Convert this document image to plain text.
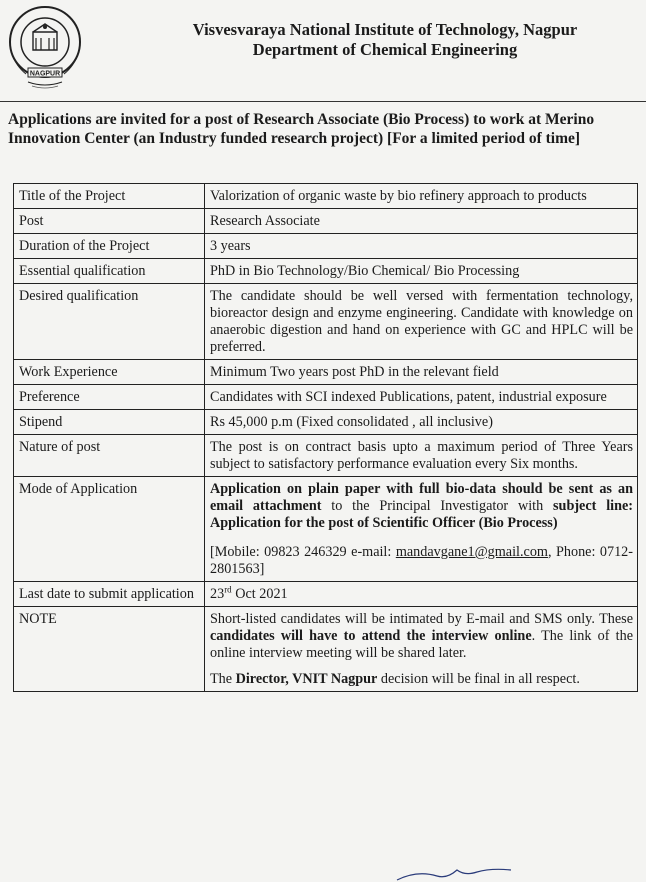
NAGPUR
Visvesvaraya National Institute of Technology, Nagpur
Department of Chemical Engineering
Applications are invited for a post of Research Associate (Bio Process) to work at Merino Innovation Center (an Industry funded research project) [For a limited period of time]
Title of the Project	Valorization of organic waste by bio refinery approach to products
Post	Research Associate
Duration of the Project	3 years
Essential qualification	PhD in Bio Technology/Bio Chemical/ Bio Processing
Desired qualification	The candidate should be well versed with fermentation technology, bioreactor design and enzyme engineering. Candidate with knowledge on anaerobic digestion and hand on experience with GC and HPLC will be preferred.
Work Experience	Minimum Two years post PhD in the relevant field
Preference	Candidates with SCI indexed Publications, patent, industrial exposure
Stipend	Rs 45,000 p.m (Fixed consolidated , all inclusive)
Nature of post	The post is on contract basis upto a maximum period of Three Years subject to satisfactory performance evaluation every Six months.
Mode of Application	Application on plain paper with full bio-data should be sent as an email attachment to the Principal Investigator with subject line: Application for the post of Scientific Officer (Bio Process)

[Mobile: 09823 246329 e-mail: mandavgane1@gmail.com, Phone: 0712-2801563]

Last date to submit application	23rd Oct 2021
NOTE	Short-listed candidates will be intimated by E-mail and SMS only. These candidates will have to attend the interview online. The link of the online interview meeting will be shared later.

The Director, VNIT Nagpur decision will be final in all respect.
